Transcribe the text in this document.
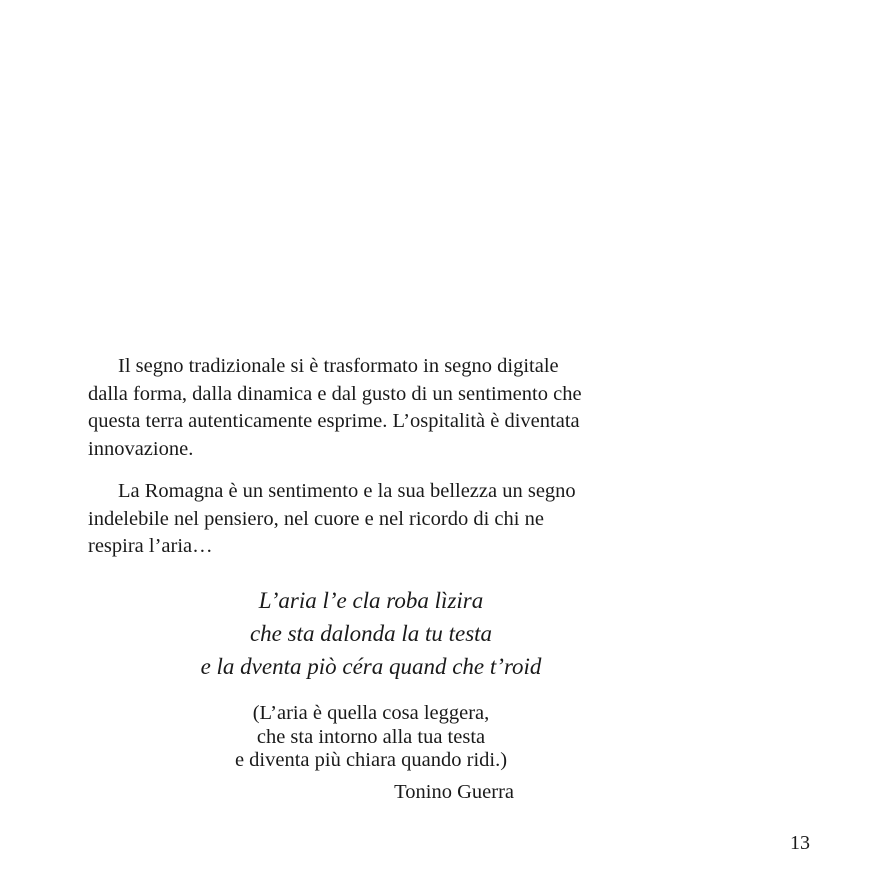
Il segno tradizionale si è trasformato in segno digitale
dalla forma, dalla dinamica e dal gusto di un sentimento che
questa terra autenticamente esprime. L’ospitalità è diventata
innovazione.
La Romagna è un sentimento e la sua bellezza un segno
indelebile nel pensiero, nel cuore e nel ricordo di chi ne
respira l’aria…
L’aria l’e cla roba lìzira
che sta dalonda la tu testa
e la dventa piò céra quand che t’roid
(L’aria è quella cosa leggera,
che sta intorno alla tua testa
e diventa più chiara quando ridi.)
Tonino Guerra
13
